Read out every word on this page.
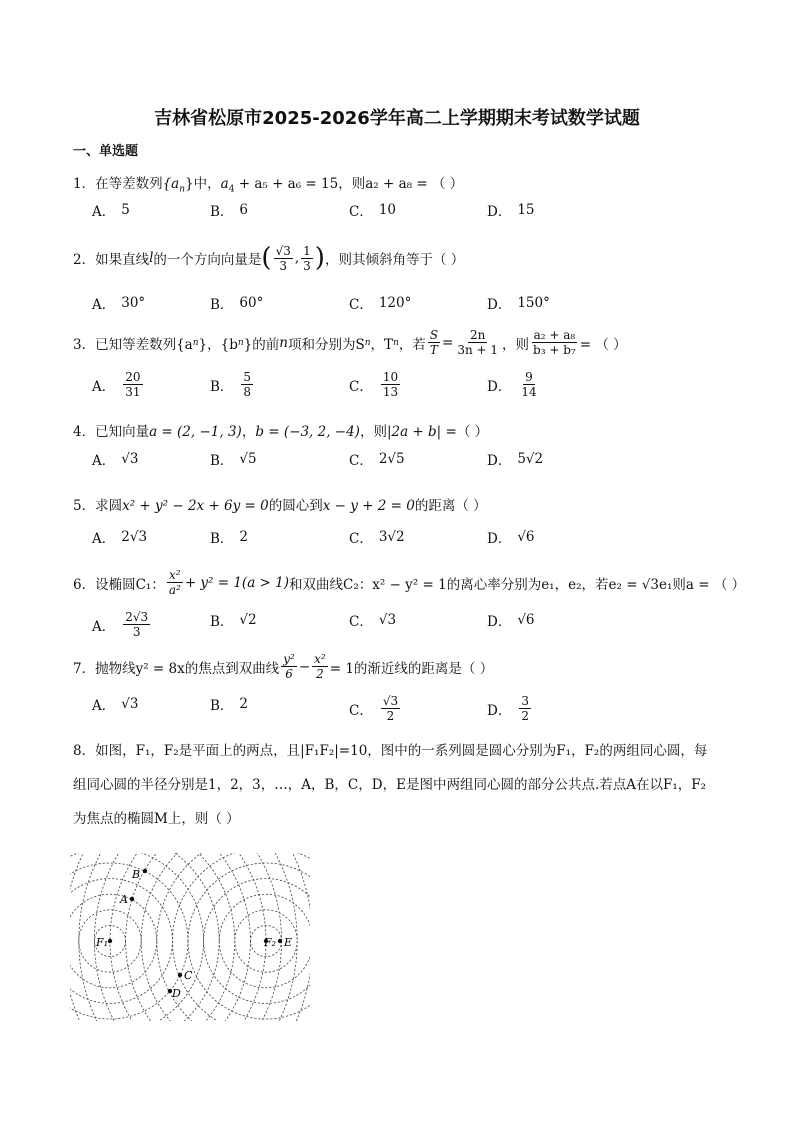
吉林省松原市2025-2026学年高二上学期期末考试数学试题
一、单选题
1．在等差数列$\{a_n\}$中，$a_4 + a_5 + a_6 = 15$，则a₂ + a₈ = （ ）
A． 5	B． 6	C． 10	D． 15
2． 如果直线 l 的一个方向向量是 ( $\frac{√3}{3}$ , $\frac{1}{3}$ ) ，则其倾斜角等于（ ）
A． 30°	B． 60°	C． 120°	D． 150°
3． 已知等差数列{a n }，{b n }的前 n 项和分别为S n ，T n ，若 $\frac{S}{T} = \frac{2n}{3n + 1}$ ，则 $\frac{\text{a₂ + a₈}}{\text{b₃ + b₇}}$ = （ ）
A． $\frac{20}{31}$	B． $\frac{5}{8}$	C． $\frac{10}{13}$	D． $\frac{9}{14}$
4．已知向量a = (2, −1, 3)，b = (−3, 2, −4)，则|2a + b| =（ ）
A． √3	B． √5	C． 2√5	D． 5√2
5．求圆x² + y² − 2x + 6y = 0的圆心到x − y + 2 = 0的距离（ ）
A． 2√3	B． 2	C． 3√2	D． √6
6． 设椭圆C₁： $\frac{\text{x²}}{\text{a²}} + y^2 = 1(a > 1)$ 和双曲线C₂：x² − y² = 1的离心率分别为e₁，e₂，若e₂ = √3e₁则a = （ ）
A． $\frac{2√3}{3}$	B． √2	C． √3	D． √6
7． 抛物线y² = 8x的焦点到双曲线 $\frac{\text{y²}}{6} - \frac{\text{x²}}{2} = 1$的渐近线的距离是（ ）
A． √3	B． 2	C． $\frac{√3}{2}$	D． $\frac{3}{2}$
8．如图，F₁，F₂是平面上的两点，且|F₁F₂|=10，图中的一系列圆是圆心分别为F₁，F₂的两组同心圆，每
组同心圆的半径分别是1，2，3，…，A，B，C，D，E是图中两组同心圆的部分公共点.若点A在以F₁，F₂
为焦点的椭圆M上，则（ ）
F₁	F₂
A
B
C
D
E
